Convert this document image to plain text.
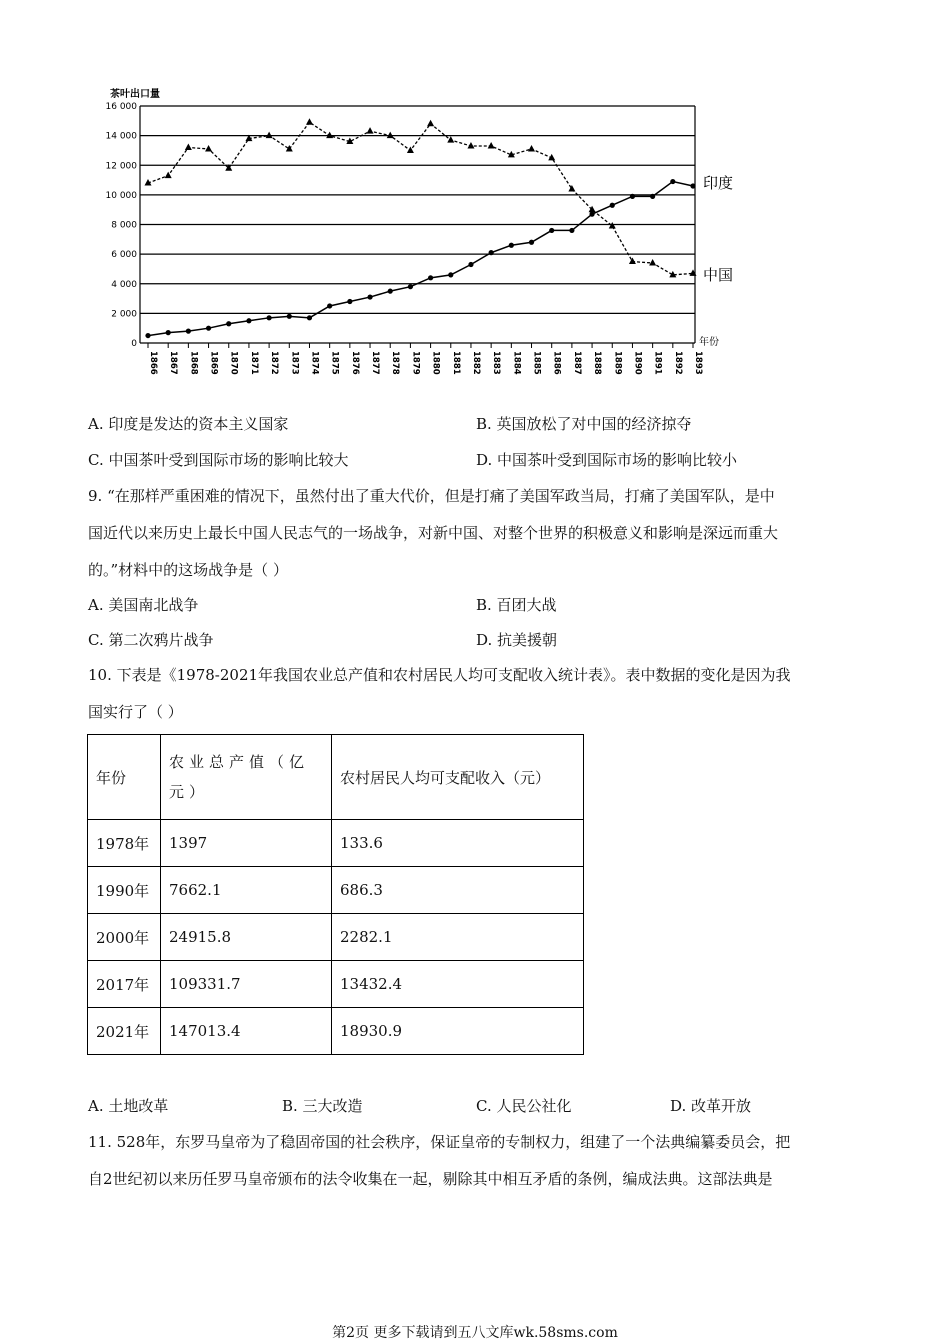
0
2 000
4 000
6 000
8 000
10 000
12 000
14 000
16 000
1866 1867 1868 1869 1870 1871 1872 1873 1874 1875 1876 1877 1878 1879 1880 1881 1882 1883 1884 1885 1886 1887 1888 1889 1890 1891 1892 1893
茶叶出口量
年份
印度
中国
A. 印度是发达的资本主义国家	B. 英国放松了对中国的经济掠夺
C. 中国茶叶受到国际市场的影响比较大	D. 中国茶叶受到国际市场的影响比较小
9. “在那样严重困难的情况下，虽然付出了重大代价，但是打痛了美国军政当局，打痛了美国军队，是中
国近代以来历史上最长中国人民志气的一场战争，对新中国、对整个世界的积极意义和影响是深远而重大
的。”材料中的这场战争是（ ）
A. 美国南北战争	B. 百团大战
C. 第二次鸦片战争	D. 抗美援朝
10. 下表是《1978-2021年我国农业总产值和农村居民人均可支配收入统计表》。表中数据的变化是因为我
国实行了（ ）
年份	农业总产值（亿元）	农村居民人均可支配收入（元）
1978年	1397	133.6
1990年	7662.1	686.3
2000年	24915.8	2282.1
2017年	109331.7	13432.4
2021年	147013.4	18930.9
A. 土地改革	B. 三大改造	C. 人民公社化	D. 改革开放
11. 528年，东罗马皇帝为了稳固帝国的社会秩序，保证皇帝的专制权力，组建了一个法典编纂委员会，把
自2世纪初以来历任罗马皇帝颁布的法令收集在一起，剔除其中相互矛盾的条例，编成法典。这部法典是
第2页 更多下载请到五八文库wk.58sms.com
